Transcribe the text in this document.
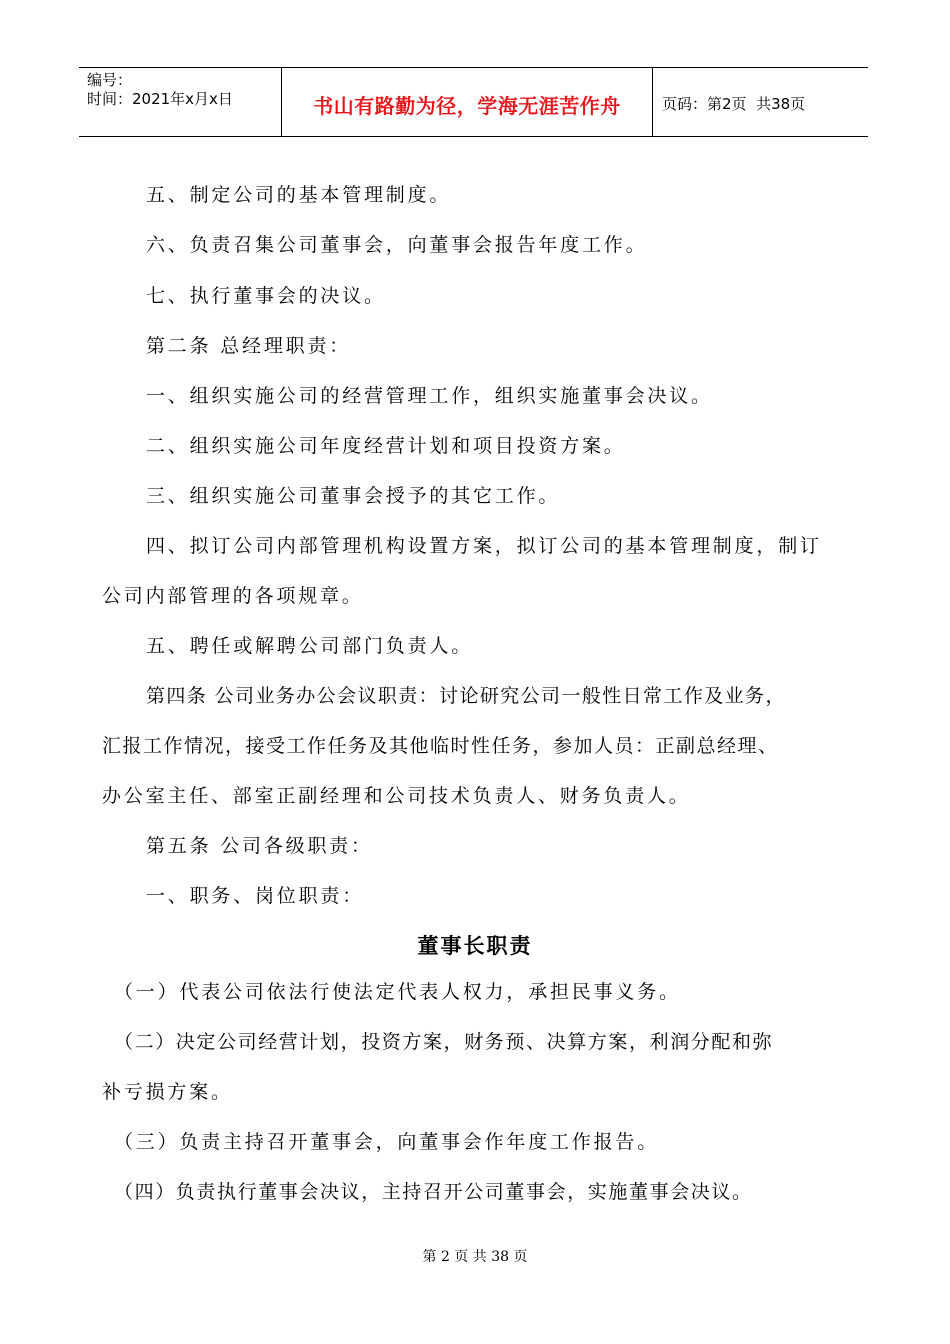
编号：
时间：2021年x月x日	书山有路勤为径，学海无涯苦作舟	页码：第2页  共38页
五、制定公司的基本管理制度。
六、负责召集公司董事会，向董事会报告年度工作。
七、执行董事会的决议。
第二条 总经理职责：
一、组织实施公司的经营管理工作，组织实施董事会决议。
二、组织实施公司年度经营计划和项目投资方案。
三、组织实施公司董事会授予的其它工作。
四、拟订公司内部管理机构设置方案，拟订公司的基本管理制度，制订
公司内部管理的各项规章。
五、聘任或解聘公司部门负责人。
第四条 公司业务办公会议职责：讨论研究公司一般性日常工作及业务，
汇报工作情况，接受工作任务及其他临时性任务，参加人员：正副总经理、
办公室主任、部室正副经理和公司技术负责人、财务负责人。
第五条 公司各级职责：
一、职务、岗位职责：
董事长职责
（一）代表公司依法行使法定代表人权力，承担民事义务。
（二）决定公司经营计划，投资方案，财务预、决算方案，利润分配和弥
补亏损方案。
（三）负责主持召开董事会，向董事会作年度工作报告。
（四）负责执行董事会决议，主持召开公司董事会，实施董事会决议。
第 2 页 共 38 页
